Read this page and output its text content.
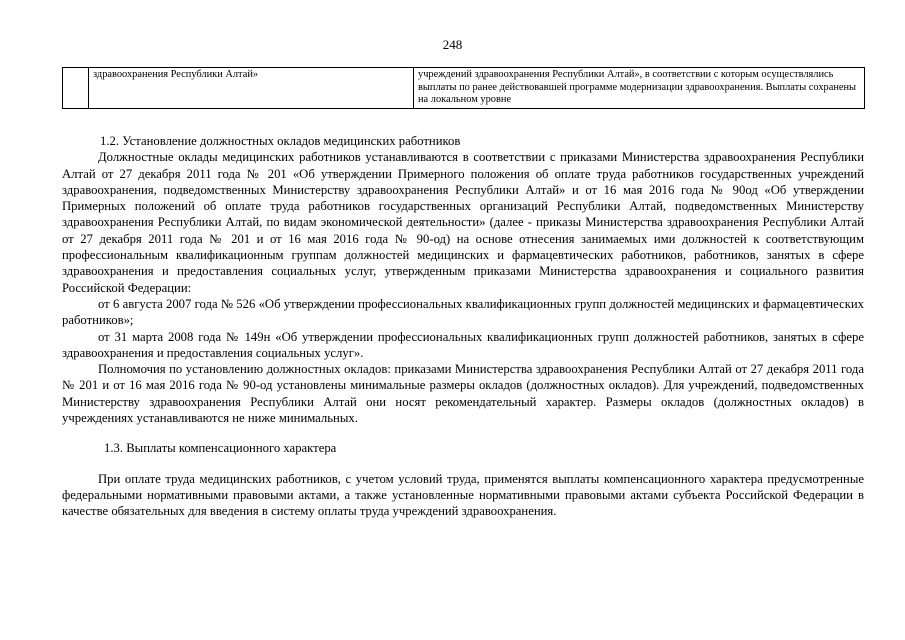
248
	здравоохранения Республики Алтай»	учреждений здравоохранения Республики Алтай», в соответствии с которым осуществлялись выплаты по ранее действовавшей программе модернизации здравоохранения. Выплаты сохранены на локальном уровне

1.2. Установление должностных окладов медицинских работников

Должностные оклады медицинских работников устанавливаются в соответствии с приказами Министерства здравоохранения Республики Алтай от 27 декабря 2011 года № 201 «Об утверждении Примерного положения об оплате труда работников государственных учреждений здравоохранения, подведомственных Министерству здравоохранения Республики Алтай» и от 16 мая 2016 года № 90од «Об утверждении Примерных положений об оплате труда работников государственных организаций Республики Алтай, подведомственных Министерству здравоохранения Республики Алтай, по видам экономической деятельности» (далее - приказы Министерства здравоохранения Республики Алтай от 27 декабря 2011 года № 201 и от 16 мая 2016 года № 90-од) на основе отнесения занимаемых ими должностей к соответствующим профессиональным квалификационным группам должностей медицинских и фармацевтических работников, работников, занятых в сфере здравоохранения и предоставления социальных услуг, утвержденным приказами Министерства здравоохранения и социального развития Российской Федерации:

от 6 августа 2007 года № 526 «Об утверждении профессиональных квалификационных групп должностей медицинских и фармацевтических работников»;

от 31 марта 2008 года № 149н «Об утверждении профессиональных квалификационных групп должностей работников, занятых в сфере здравоохранения и предоставления социальных услуг».

Полномочия по установлению должностных окладов: приказами Министерства здравоохранения Республики Алтай от 27 декабря 2011 года № 201 и от 16 мая 2016 года № 90-од установлены минимальные размеры окладов (должностных окладов). Для учреждений, подведомственных Министерству здравоохранения Республики Алтай они носят рекомендательный характер. Размеры окладов (должностных окладов) в учреждениях устанавливаются не ниже минимальных.

1.3. Выплаты компенсационного характера

При оплате труда медицинских работников, с учетом условий труда, применятся выплаты компенсационного характера предусмотренные федеральными нормативными правовыми актами, а также установленные нормативными правовыми актами субъекта Российской Федерации в качестве обязательных для введения в систему оплаты труда учреждений здравоохранения.
